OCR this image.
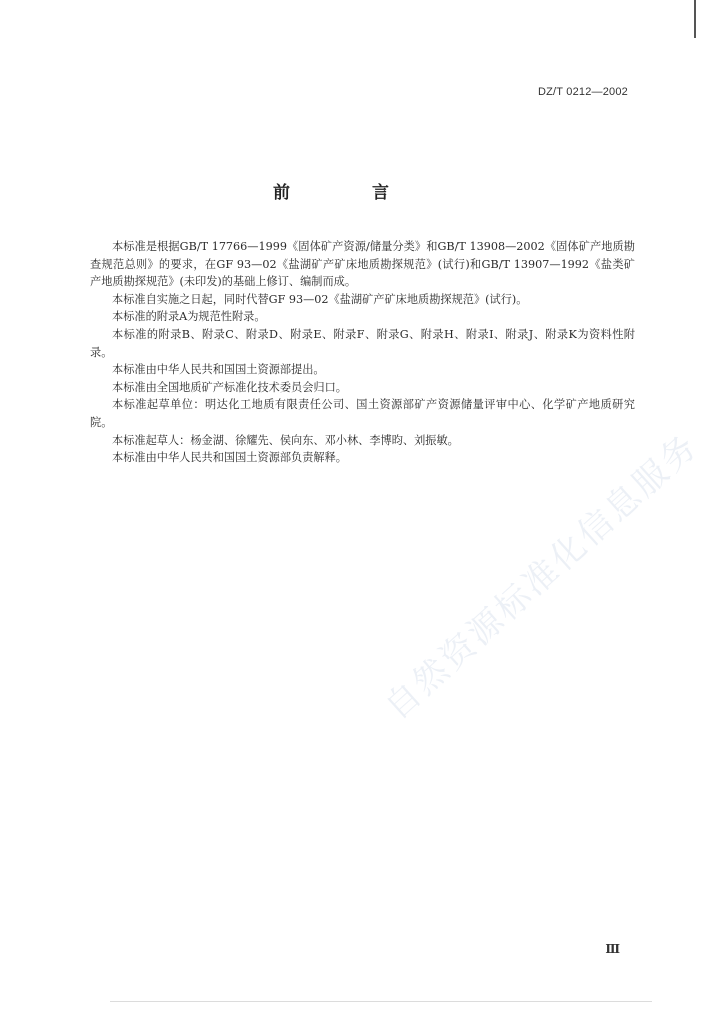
DZ/T 0212—2002
前 言

本标准是根据GB/T 17766—1999《固体矿产资源/储量分类》和GB/T 13908—2002《固体矿产地质勘查规范总则》的要求，在GF 93—02《盐湖矿产矿床地质勘探规范》(试行)和GB/T 13907—1992《盐类矿产地质勘探规范》(未印发)的基础上修订、编制而成。

本标准自实施之日起，同时代替GF 93—02《盐湖矿产矿床地质勘探规范》(试行)。

本标准的附录A为规范性附录。

本标准的附录B、附录C、附录D、附录E、附录F、附录G、附录H、附录I、附录J、附录K为资料性附录。

本标准由中华人民共和国国土资源部提出。

本标准由全国地质矿产标准化技术委员会归口。

本标准起草单位：明达化工地质有限责任公司、国土资源部矿产资源储量评审中心、化学矿产地质研究院。

本标准起草人：杨金湖、徐耀先、侯向东、邓小林、李博昀、刘振敏。

本标准由中华人民共和国国土资源部负责解释。 自然资源标准化信息服务
Ⅲ
